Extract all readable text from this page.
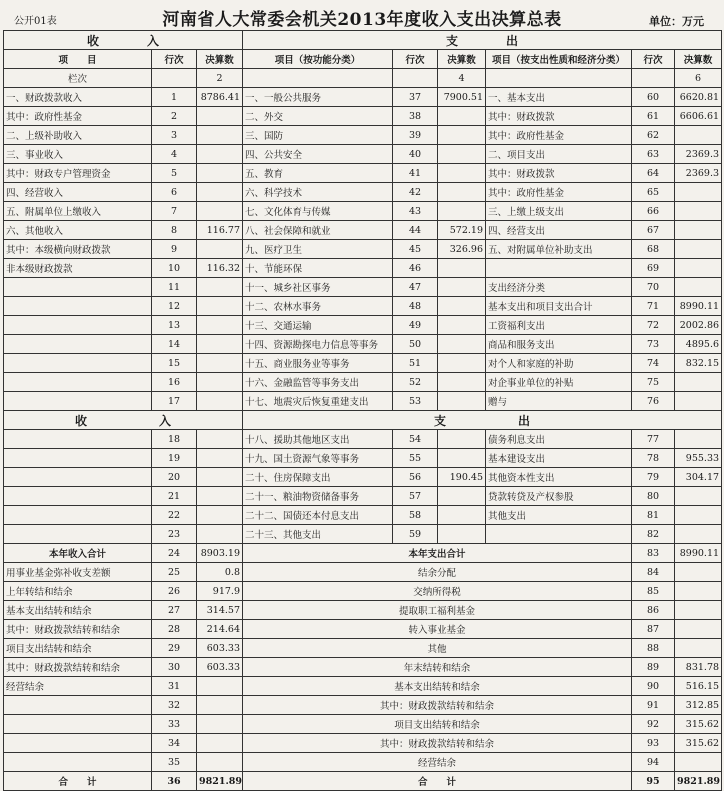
公开01表	河南省人大常委会机关2013年度收入支出决算总表	单位：万元
收　　　　入			支　　　　出					
项　　目	行次	决算数	项目（按功能分类）	行次	决算数	项目（按支出性质和经济分类）	行次	决算数
栏次		2			4			6
一、财政拨款收入	1	8786.41	一、一般公共服务	37	7900.51	一、基本支出	60	6620.81
其中：政府性基金	2		二、外交	38		其中：财政拨款	61	6606.61
二、上级补助收入	3		三、国防	39		其中：政府性基金	62	
三、事业收入	4		四、公共安全	40		二、项目支出	63	2369.3
其中：财政专户管理资金	5		五、教育	41		其中：财政拨款	64	2369.3
四、经营收入	6		六、科学技术	42		其中：政府性基金	65	
五、附属单位上缴收入	7		七、文化体育与传媒	43		三、上缴上级支出	66	
六、其他收入	8	116.77	八、社会保障和就业	44	572.19	四、经营支出	67	
其中：本级横向财政拨款	9		九、医疗卫生	45	326.96	五、对附属单位补助支出	68	
非本级财政拨款	10	116.32	十、节能环保	46			69	
	11		十一、城乡社区事务	47		支出经济分类	70	
	12		十二、农林水事务	48		基本支出和项目支出合计	71	8990.11
	13		十三、交通运输	49		工资福利支出	72	2002.86
	14		十四、资源勘探电力信息等事务	50		商品和服务支出	73	4895.6
	15		十五、商业服务业等事务	51		对个人和家庭的补助	74	832.15
	16		十六、金融监管等事务支出	52		对企事业单位的补贴	75	
	17		十七、地震灾后恢复重建支出	53		赠与	76	
收　　　　　　入			支　　　　　　出					
	18		十八、援助其他地区支出	54		债务利息支出	77	
	19		十九、国土资源气象等事务	55		基本建设支出	78	955.33
	20		二十、住房保障支出	56	190.45	其他资本性支出	79	304.17
	21		二十一、粮油物资储备事务	57		贷款转贷及产权参股	80	
	22		二十二、国债还本付息支出	58		其他支出	81	
	23		二十三、其他支出	59			82	
本年收入合计	24	8903.19	本年支出合计				83	8990.11
用事业基金弥补收支差额	25	0.8	结余分配				84	
上年转结和结余	26	917.9	交纳所得税				85	
基本支出结转和结余	27	314.57	提取职工福利基金				86	
其中：财政拨款结转和结余	28	214.64	转入事业基金				87	
项目支出结转和结余	29	603.33	其他				88	
其中：财政拨款结转和结余	30	603.33	年末结转和结余				89	831.78
经营结余	31		基本支出结转和结余				90	516.15
	32		其中：财政拨款结转和结余				91	312.85
	33		项目支出结转和结余				92	315.62
	34		其中：财政拨款结转和结余				93	315.62
	35		经营结余				94	
合　　计	36	9821.89	合　　计				95	9821.89
